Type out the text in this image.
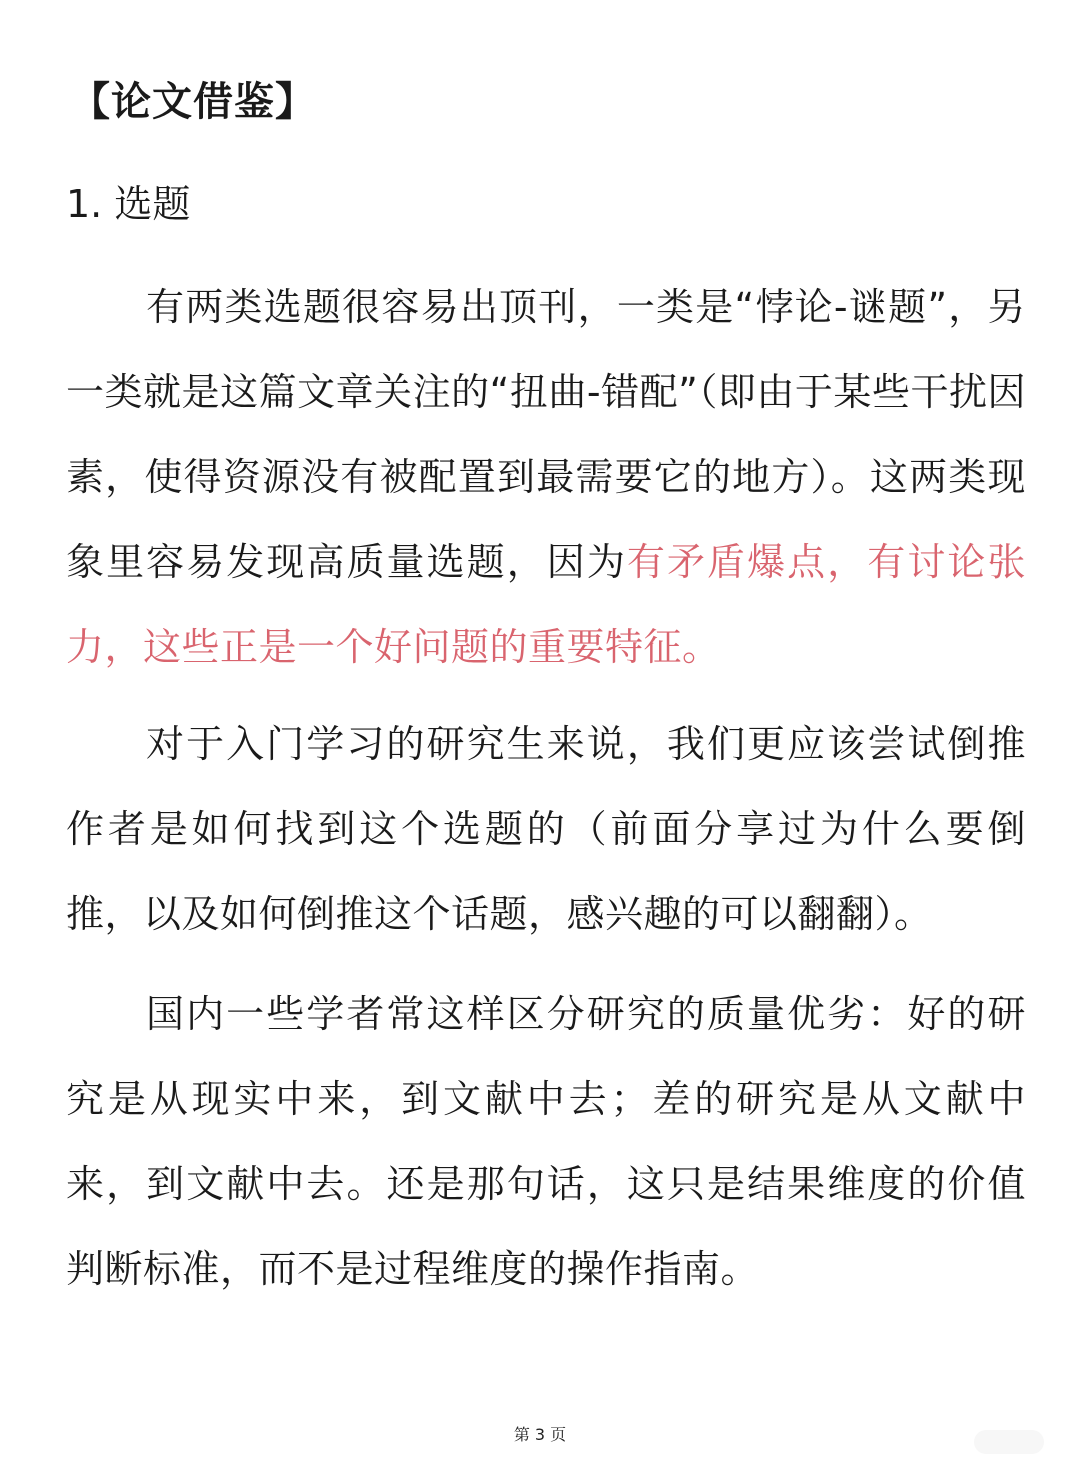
【论文借鉴】
1. 选题

有两类选题很容易出顶刊，一类是“悖论-谜题”，另一类就是这篇文章关注的“扭曲-错配”（即由于某些干扰因素，使得资源没有被配置到最需要它的地方）。这两类现象里容易发现高质量选题，因为有矛盾爆点，有讨论张力，这些正是一个好问题的重要特征。

对于入门学习的研究生来说，我们更应该尝试倒推作者是如何找到这个选题的（前面分享过为什么要倒推，以及如何倒推这个话题，感兴趣的可以翻翻）。

国内一些学者常这样区分研究的质量优劣：好的研究是从现实中来，到文献中去；差的研究是从文献中来，到文献中去。还是那句话，这只是结果维度的价值判断标准，而不是过程维度的操作指南。

第 3 页
